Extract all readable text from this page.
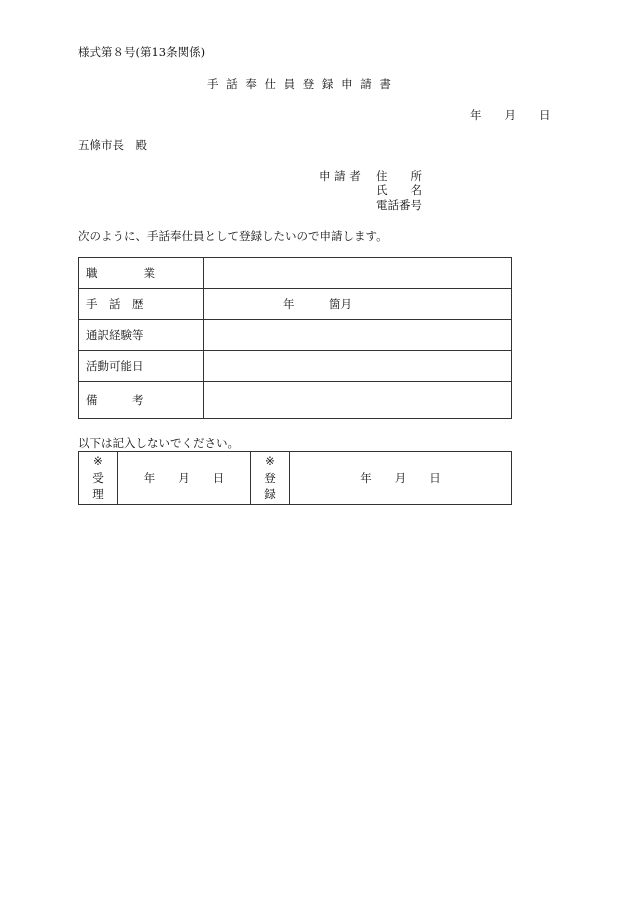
様式第８号(第13条関係)
手 話 奉 仕 員 登 録 申 請 書
年　　月　　日
五條市長　殿
申 請 者 住　　所
氏　　名
電話番号
次のように、手話奉仕員として登録したいので申請します。
職　　　　業	
手　話　歴	年　　　箇月
通訳経験等	
活動可能日	
備　　　考	
以下は記入しないでください。
※
受
理	年　　月　　日	※
登
録	年　　月　　日
